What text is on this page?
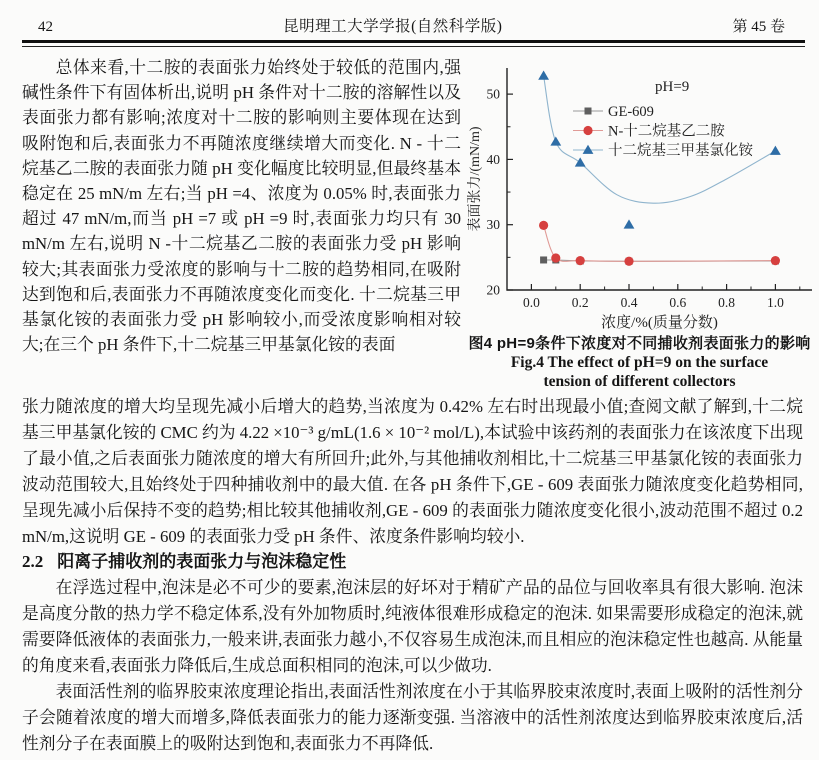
42	昆明理工大学学报(自然科学版)	第 45 卷

总体来看,十二胺的表面张力始终处于较低的范围内,强碱性条件下有固体析出,说明 pH 条件对十二胺的溶解性以及表面张力都有影响;浓度对十二胺的影响则主要体现在达到吸附饱和后,表面张力不再随浓度继续增大而变化. N - 十二烷基乙二胺的表面张力随 pH 变化幅度比较明显,但最终基本稳定在 25 mN/m 左右;当 pH =4、浓度为 0.05% 时,表面张力超过 47 mN/m,而当 pH =7 或 pH =9 时,表面张力均只有 30 mN/m 左右,说明 N -十二烷基乙二胺的表面张力受 pH 影响较大;其表面张力受浓度的影响与十二胺的趋势相同,在吸附达到饱和后,表面张力不再随浓度变化而变化. 十二烷基三甲基氯化铵的表面张力受 pH 影响较小,而受浓度影响相对较大;在三个 pH 条件下,十二烷基三甲基氯化铵的表面

0.0 0.2 0.4 0.6 0.8 1.0
20
30
40
50
浓度/%(质量分数)
表面张力/(mN/m)
pH=9
GE-609
N-十二烷基乙二胺
十二烷基三甲基氯化铵
图4 pH=9条件下浓度对不同捕收剂表面张力的影响
Fig.4 The effect of pH=9 on the surface
tension of different collectors

张力随浓度的增大均呈现先减小后增大的趋势,当浓度为 0.42% 左右时出现最小值;查阅文献了解到,十二烷基三甲基氯化铵的 CMC 约为 4.22 ×10⁻³ g/mL(1.6 × 10⁻² mol/L),本试验中该药剂的表面张力在该浓度下出现了最小值,之后表面张力随浓度的增大有所回升;此外,与其他捕收剂相比,十二烷基三甲基氯化铵的表面张力波动范围较大,且始终处于四种捕收剂中的最大值. 在各 pH 条件下,GE - 609 表面张力随浓度变化趋势相同,呈现先减小后保持不变的趋势;相比较其他捕收剂,GE - 609 的表面张力随浓度变化很小,波动范围不超过 0.2 mN/m,这说明 GE - 609 的表面张力受 pH 条件、浓度条件影响均较小.

2.2 阳离子捕收剂的表面张力与泡沫稳定性

在浮选过程中,泡沫是必不可少的要素,泡沫层的好坏对于精矿产品的品位与回收率具有很大影响. 泡沫是高度分散的热力学不稳定体系,没有外加物质时,纯液体很难形成稳定的泡沫. 如果需要形成稳定的泡沫,就需要降低液体的表面张力,一般来讲,表面张力越小,不仅容易生成泡沫,而且相应的泡沫稳定性也越高. 从能量的角度来看,表面张力降低后,生成总面积相同的泡沫,可以少做功.

表面活性剂的临界胶束浓度理论指出,表面活性剂浓度在小于其临界胶束浓度时,表面上吸附的活性剂分子会随着浓度的增大而增多,降低表面张力的能力逐渐变强. 当溶液中的活性剂浓度达到临界胶束浓度后,活性剂分子在表面膜上的吸附达到饱和,表面张力不再降低.
